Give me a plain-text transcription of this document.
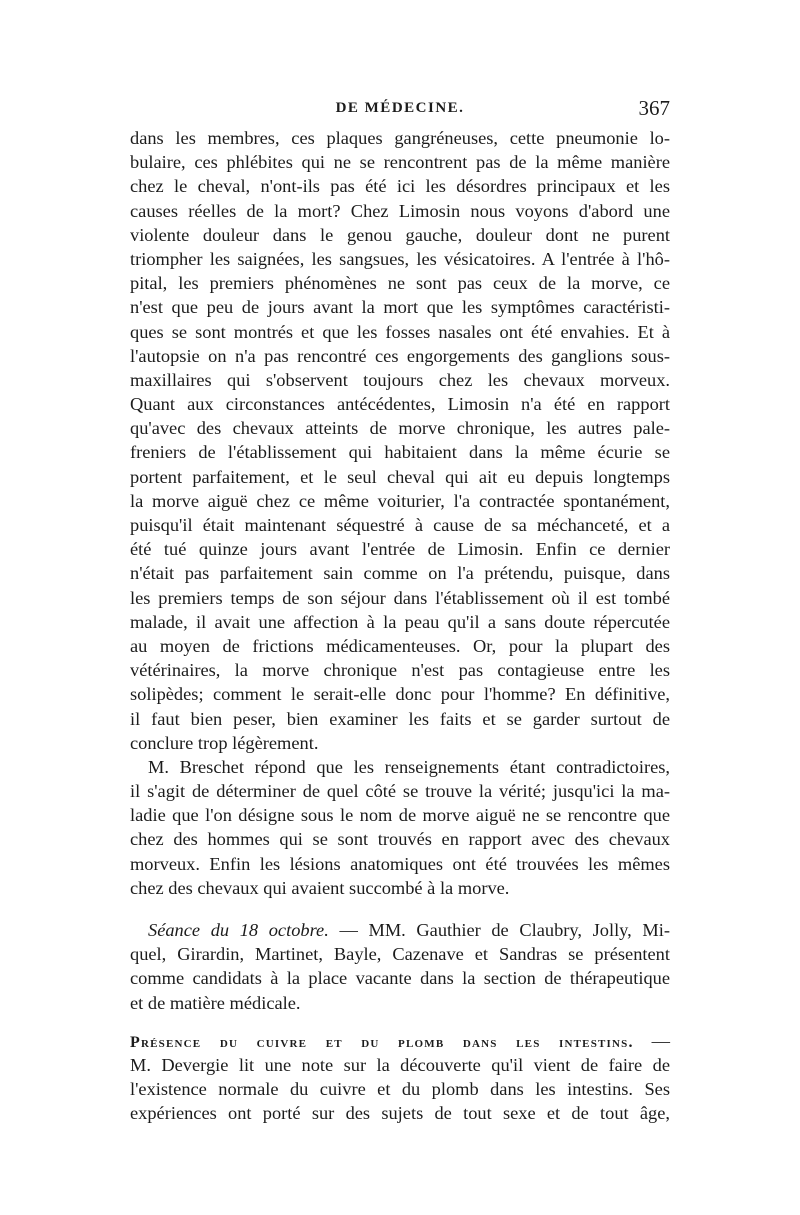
DE MÉDECINE.	367
dans les membres, ces plaques gangréneuses, cette pneumonie lo-
bulaire, ces phlébites qui ne se rencontrent pas de la même manière
chez le cheval, n'ont-ils pas été ici les désordres principaux et les
causes réelles de la mort? Chez Limosin nous voyons d'abord une
violente douleur dans le genou gauche, douleur dont ne purent
triompher les saignées, les sangsues, les vésicatoires. A l'entrée à l'hô-
pital, les premiers phénomènes ne sont pas ceux de la morve, ce
n'est que peu de jours avant la mort que les symptômes caractéristi-
ques se sont montrés et que les fosses nasales ont été envahies. Et à
l'autopsie on n'a pas rencontré ces engorgements des ganglions sous-
maxillaires qui s'observent toujours chez les chevaux morveux.
Quant aux circonstances antécédentes, Limosin n'a été en rapport
qu'avec des chevaux atteints de morve chronique, les autres pale-
freniers de l'établissement qui habitaient dans la même écurie se
portent parfaitement, et le seul cheval qui ait eu depuis longtemps
la morve aiguë chez ce même voiturier, l'a contractée spontanément,
puisqu'il était maintenant séquestré à cause de sa méchanceté, et a
été tué quinze jours avant l'entrée de Limosin. Enfin ce dernier
n'était pas parfaitement sain comme on l'a prétendu, puisque, dans
les premiers temps de son séjour dans l'établissement où il est tombé
malade, il avait une affection à la peau qu'il a sans doute répercutée
au moyen de frictions médicamenteuses. Or, pour la plupart des
vétérinaires, la morve chronique n'est pas contagieuse entre les
solipèdes; comment le serait-elle donc pour l'homme? En définitive,
il faut bien peser, bien examiner les faits et se garder surtout de
conclure trop légèrement.
M. Breschet répond que les renseignements étant contradictoires,
il s'agit de déterminer de quel côté se trouve la vérité; jusqu'ici la ma-
ladie que l'on désigne sous le nom de morve aiguë ne se rencontre que
chez des hommes qui se sont trouvés en rapport avec des chevaux
morveux. Enfin les lésions anatomiques ont été trouvées les mêmes
chez des chevaux qui avaient succombé à la morve.
Séance du 18 octobre. — MM. Gauthier de Claubry, Jolly, Mi-
quel, Girardin, Martinet, Bayle, Cazenave et Sandras se présentent
comme candidats à la place vacante dans la section de thérapeutique
et de matière médicale.
Présence du cuivre et du plomb dans les intestins. —
M. Devergie lit une note sur la découverte qu'il vient de faire de
l'existence normale du cuivre et du plomb dans les intestins. Ses
expériences ont porté sur des sujets de tout sexe et de tout âge,
